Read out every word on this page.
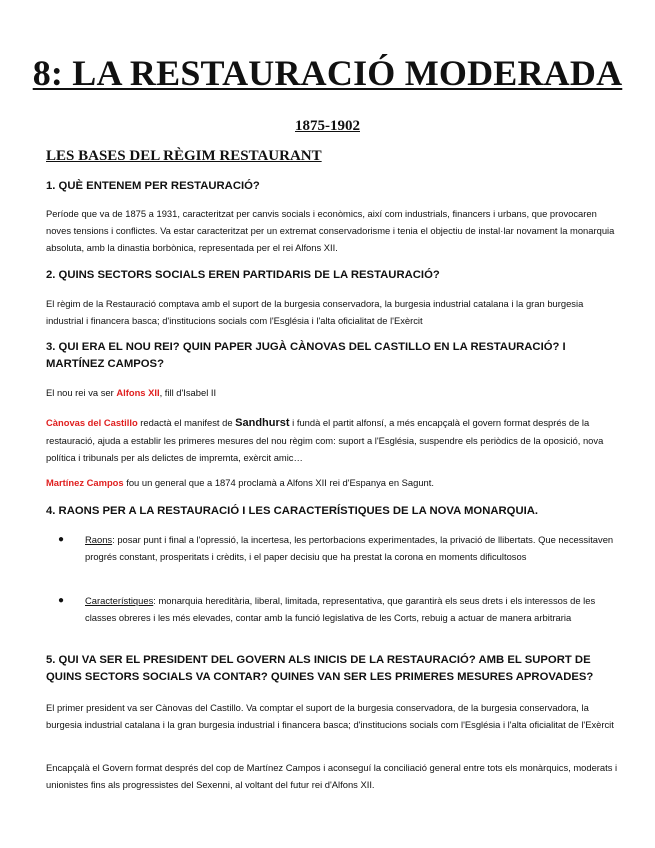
8: LA RESTAURACIÓ MODERADA
1875-1902
LES BASES DEL RÈGIM RESTAURANT
1. QUÈ ENTENEM PER RESTAURACIÓ?
Període que va de 1875 a 1931, caracteritzat per canvis socials i econòmics, així com industrials, financers i urbans, que provocaren noves tensions i conflictes. Va estar caracteritzat per un extremat conservadorisme i tenia el objectiu de instal·lar novament la monarquia absoluta, amb la dinastia borbònica, representada per el rei Alfons XII.
2. QUINS SECTORS SOCIALS EREN PARTIDARIS DE LA RESTAURACIÓ?
El règim de la Restauració comptava amb el suport de la burgesia conservadora, la burgesia industrial catalana i la gran burgesia industrial i financera basca; d'institucions socials com l'Església i l'alta oficialitat de l'Exèrcit
3. QUI ERA EL NOU REI? QUIN PAPER JUGÀ CÀNOVAS DEL CASTILLO EN LA RESTAURACIÓ? I MARTÍNEZ CAMPOS?
El nou rei va ser Alfons XII, fill d'Isabel II
Cànovas del Castillo redactà el manifest de Sandhurst i fundà el partit alfonsí, a més encapçalà el govern format després de la restauració, ajuda a establir les primeres mesures del nou règim com: suport a l'Església, suspendre els periòdics de la oposició, nova política i tribunals per als delictes de impremta, exèrcit amic…
Martínez Campos fou un general que a 1874 proclamà a Alfons XII rei d'Espanya en Sagunt.
4. RAONS PER A LA RESTAURACIÓ I LES CARACTERÍSTIQUES DE LA NOVA MONARQUIA.
●	Raons: posar punt i final a l'opressió, la incertesa, les pertorbacions experimentades, la privació de llibertats. Que necessitaven progrés constant, prosperitats i crèdits, i el paper decisiu que ha prestat la corona en moments dificultosos
●	Característiques: monarquia hereditària, liberal, limitada, representativa, que garantirà els seus drets i els interessos de les classes obreres i les més elevades, contar amb la funció legislativa de les Corts, rebuig a actuar de manera arbitraria
5. QUI VA SER EL PRESIDENT DEL GOVERN ALS INICIS DE LA RESTAURACIÓ? AMB EL SUPORT DE QUINS SECTORS SOCIALS VA CONTAR? QUINES VAN SER LES PRIMERES MESURES APROVADES?
El primer president va ser Cànovas del Castillo. Va comptar el suport de la burgesia conservadora, de la burgesia conservadora, la burgesia industrial catalana i la gran burgesia industrial i financera basca; d'institucions socials com l'Església i l'alta oficialitat de l'Exèrcit
Encapçalà el Govern format després del cop de Martínez Campos i aconseguí la conciliació general entre tots els monàrquics, moderats i unionistes fins als progressistes del Sexenni, al voltant del futur rei d'Alfons XII.
